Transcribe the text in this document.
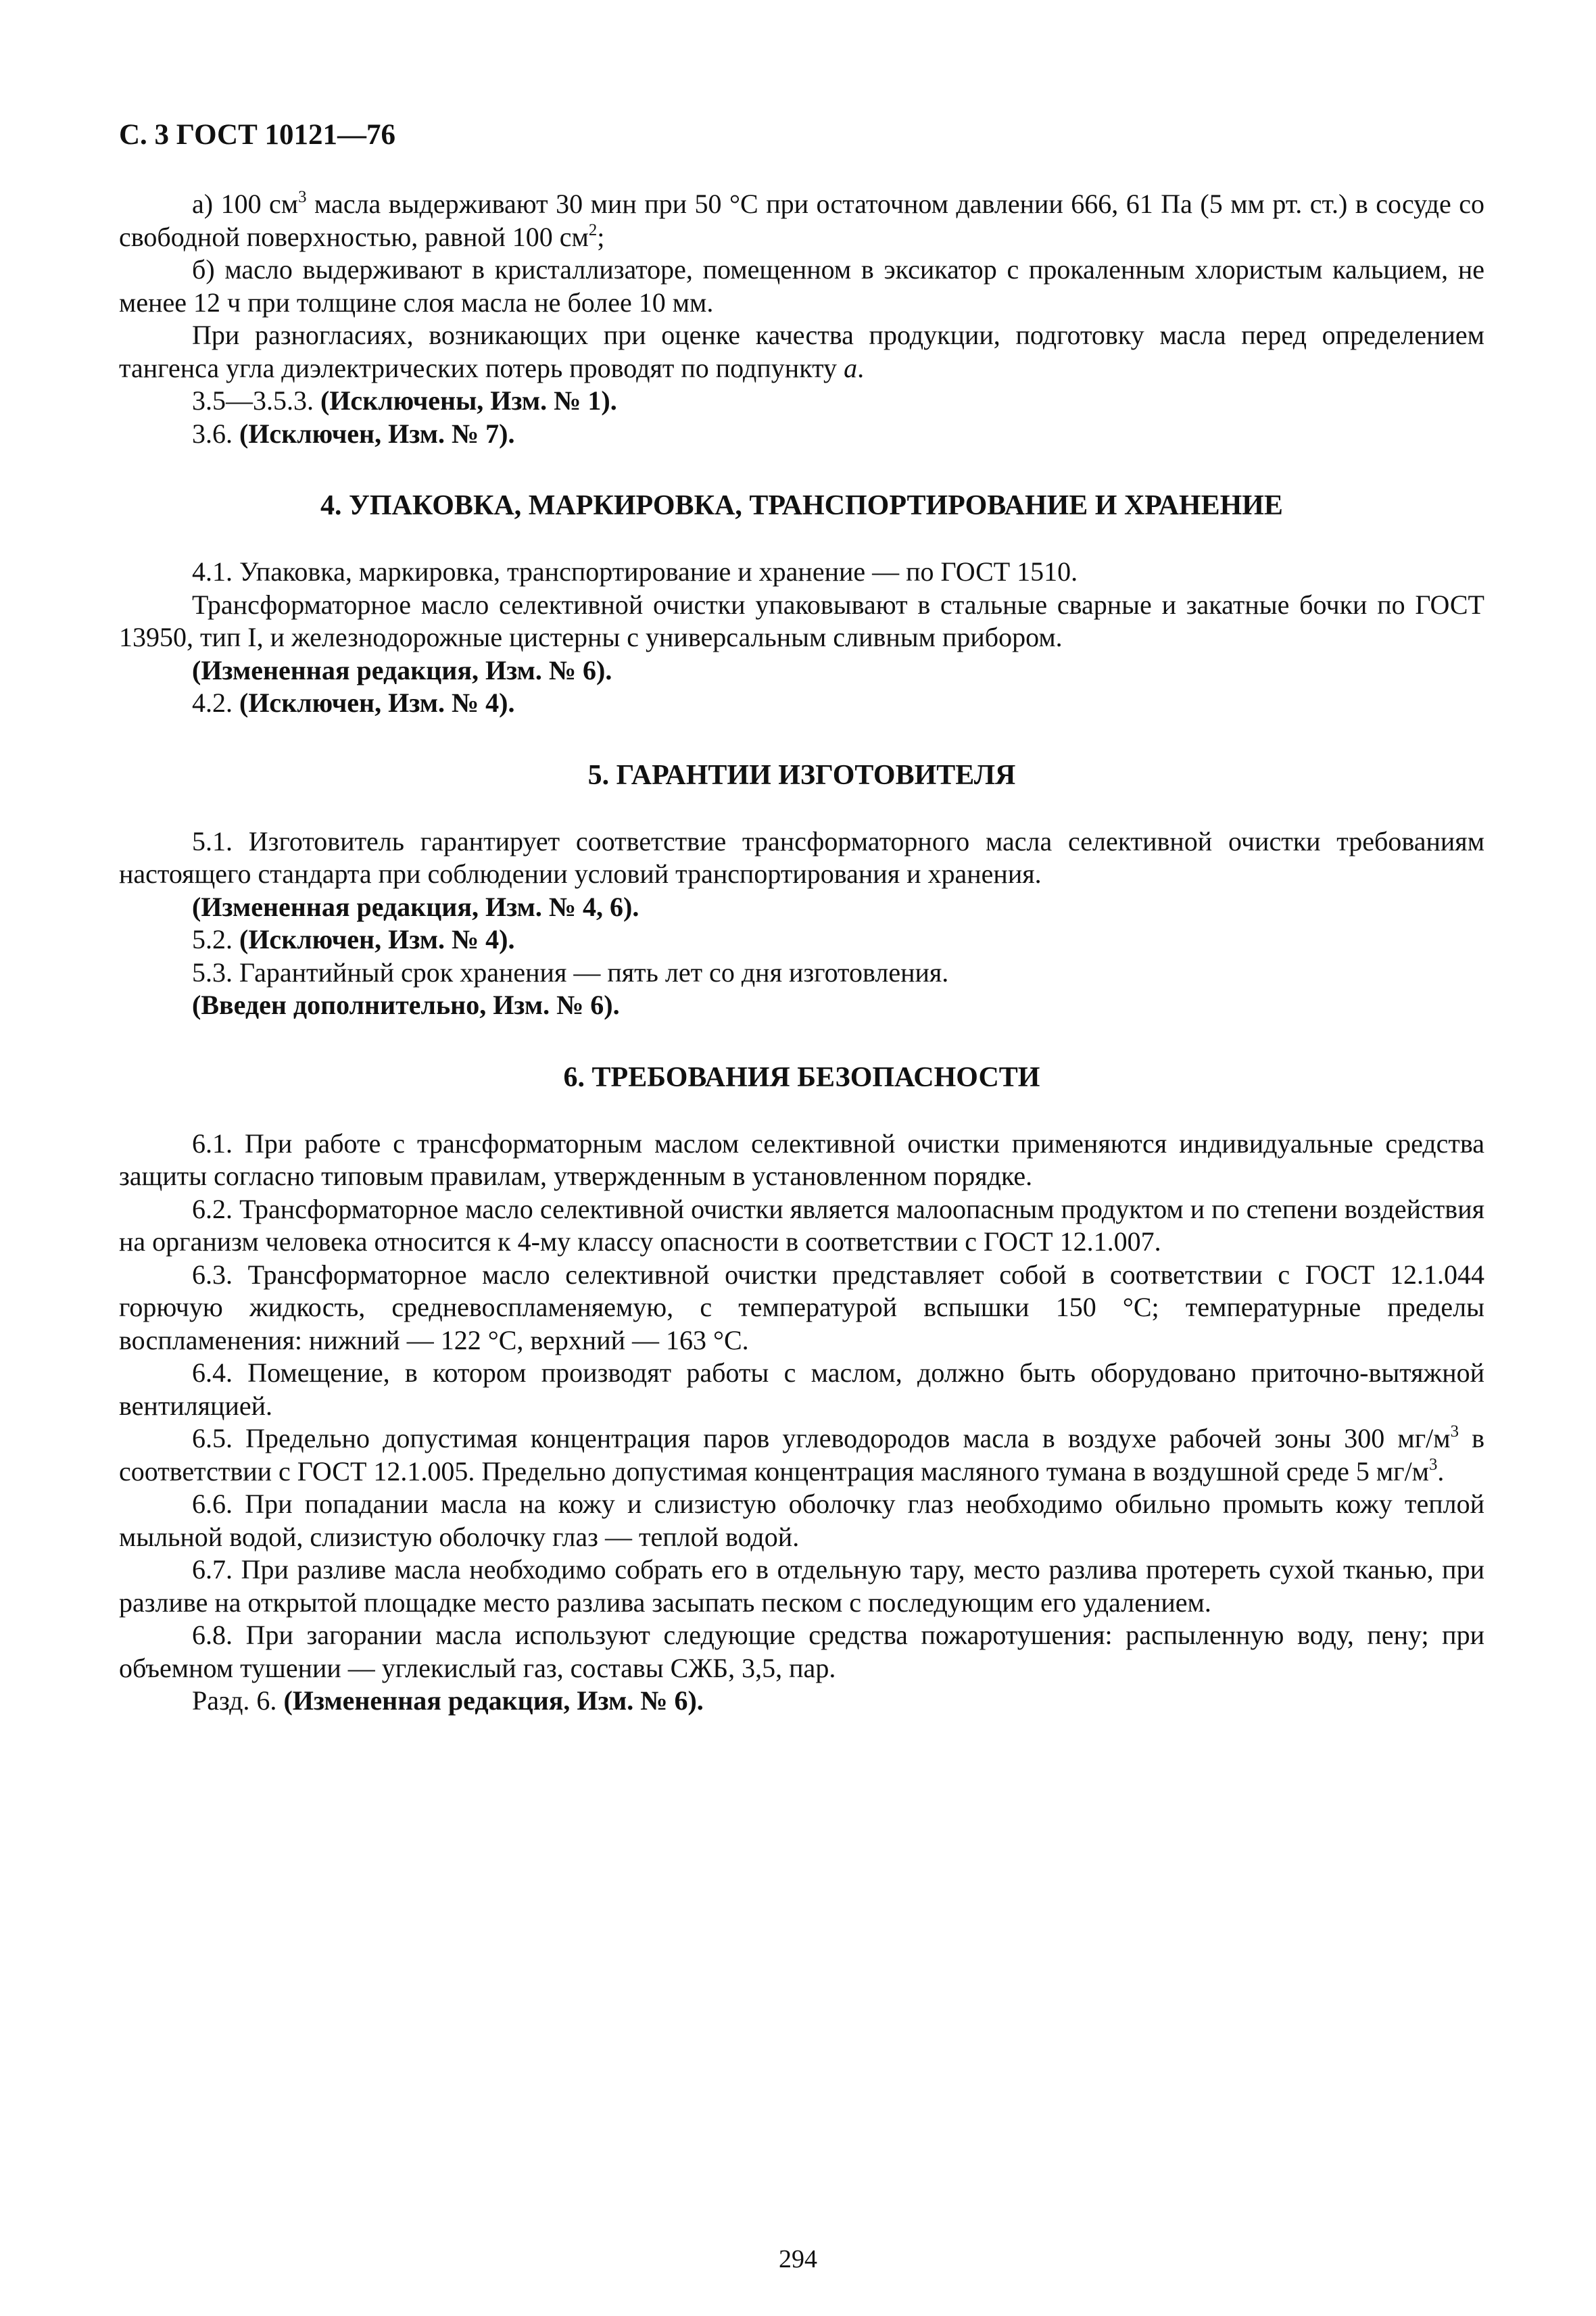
С. 3 ГОСТ 10121—76

а) 100 $см^3$ масла выдерживают 30 мин при 50 °С при остаточном давлении 666, 61 Па (5 мм рт. ст.) в сосуде со свободной поверхностью, равной 100 $см^2$;

б) масло выдерживают в кристаллизаторе, помещенном в эксикатор с прокаленным хлористым кальцием, не менее 12 ч при толщине слоя масла не более 10 мм.

При разногласиях, возникающих при оценке качества продукции, подготовку масла перед определением тангенса угла диэлектрических потерь проводят по подпункту а.

3.5—3.5.3. (Исключены, Изм. № 1).

3.6. (Исключен, Изм. № 7).

4. УПАКОВКА, МАРКИРОВКА, ТРАНСПОРТИРОВАНИЕ И ХРАНЕНИЕ

4.1. Упаковка, маркировка, транспортирование и хранение — по ГОСТ 1510.

Трансформаторное масло селективной очистки упаковывают в стальные сварные и закатные бочки по ГОСТ 13950, тип I, и железнодорожные цистерны с универсальным сливным прибором.

(Измененная редакция, Изм. № 6).

4.2. (Исключен, Изм. № 4).

5. ГАРАНТИИ ИЗГОТОВИТЕЛЯ

5.1. Изготовитель гарантирует соответствие трансформаторного масла селективной очистки требованиям настоящего стандарта при соблюдении условий транспортирования и хранения.

(Измененная редакция, Изм. № 4, 6).

5.2. (Исключен, Изм. № 4).

5.3. Гарантийный срок хранения — пять лет со дня изготовления.

(Введен дополнительно, Изм. № 6).

6. ТРЕБОВАНИЯ БЕЗОПАСНОСТИ

6.1. При работе с трансформаторным маслом селективной очистки применяются индивидуальные средства защиты согласно типовым правилам, утвержденным в установленном порядке.

6.2. Трансформаторное масло селективной очистки является малоопасным продуктом и по степени воздействия на организм человека относится к 4-му классу опасности в соответствии с ГОСТ 12.1.007.

6.3. Трансформаторное масло селективной очистки представляет собой в соответствии с ГОСТ 12.1.044 горючую жидкость, средневоспламеняемую, с температурой вспышки 150 °С; температурные пределы воспламенения: нижний — 122 °С, верхний — 163 °С.

6.4. Помещение, в котором производят работы с маслом, должно быть оборудовано приточно-вытяжной вентиляцией.

6.5. Предельно допустимая концентрация паров углеводородов масла в воздухе рабочей зоны 300 $мг/м^3$ в соответствии с ГОСТ 12.1.005. Предельно допустимая концентрация масляного тумана в воздушной среде 5 $мг/м^3$.

6.6. При попадании масла на кожу и слизистую оболочку глаз необходимо обильно промыть кожу теплой мыльной водой, слизистую оболочку глаз — теплой водой.

6.7. При разливе масла необходимо собрать его в отдельную тару, место разлива протереть сухой тканью, при разливе на открытой площадке место разлива засыпать песком с последующим его удалением.

6.8. При загорании масла используют следующие средства пожаротушения: распыленную воду, пену; при объемном тушении — углекислый газ, составы СЖБ, 3,5, пар.

Разд. 6. (Измененная редакция, Изм. № 6).

294
